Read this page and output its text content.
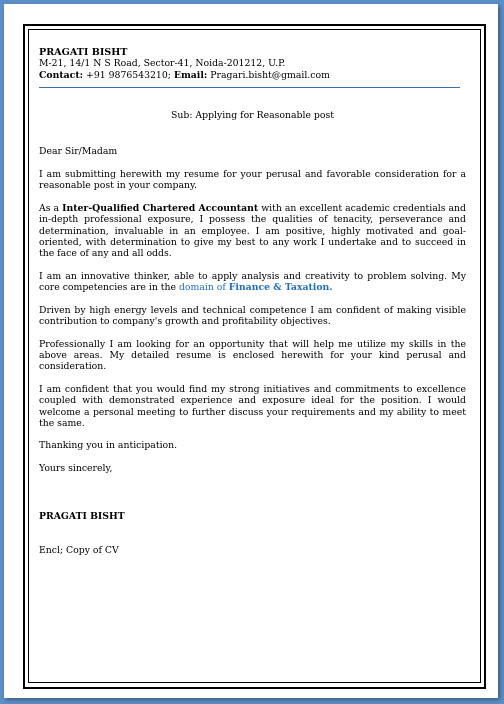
PRAGATI BISHT
M-21, 14/1 N S Road, Sector-41, Noida-201212, U.P.
Contact: +91 9876543210; Email: Pragari.bisht@gmail.com
Sub: Applying for Reasonable post

Dear Sir/Madam

I am submitting herewith my resume for your perusal and favorable consideration for a reasonable post in your company.

As a Inter-Qualified Chartered Accountant with an excellent academic credentials and in-depth professional exposure, I possess the qualities of tenacity, perseverance and determination, invaluable in an employee. I am positive, highly motivated and goal-oriented, with determination to give my best to any work I undertake and to succeed in the face of any and all odds.

I am an innovative thinker, able to apply analysis and creativity to problem solving. My core competencies are in the domain of Finance & Taxation.

Driven by high energy levels and technical competence I am confident of making visible contribution to company's growth and profitability objectives.

Professionally I am looking for an opportunity that will help me utilize my skills in the above areas. My detailed resume is enclosed herewith for your kind perusal and consideration.

I am confident that you would find my strong initiatives and commitments to excellence coupled with demonstrated experience and exposure ideal for the position. I would welcome a personal meeting to further discuss your requirements and my ability to meet the same.

Thanking you in anticipation.

Yours sincerely,

PRAGATI BISHT

Encl; Copy of CV
